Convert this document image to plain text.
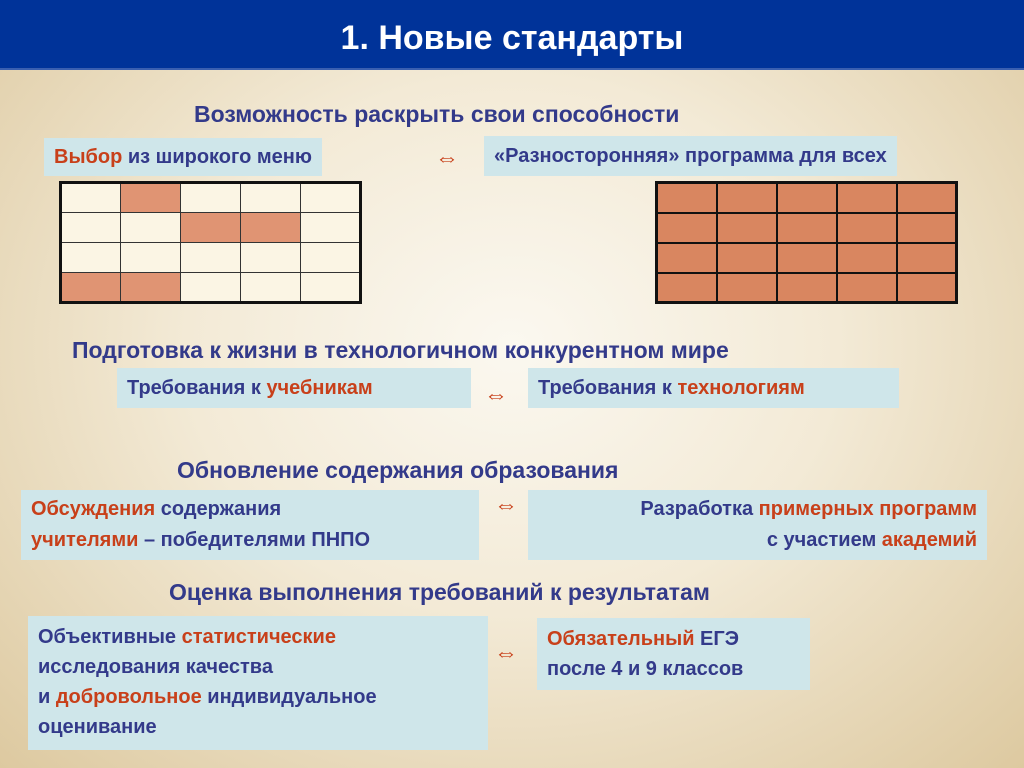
1. Новые стандарты
Возможность раскрыть свои способности
Выбор из широкого меню	⇔	«Разносторонняя» программа для всех

Подготовка к жизни в технологичном конкурентном мире
Требования к учебникам	⇔	Требования к технологиям
Обновление содержания образования
Обсуждения содержания
учителями – победителями ПНПО
⇔	Разработка примерных программ
с участием академий
Оценка выполнения требований к результатам
Объективные статистические
исследования качества
и добровольное индивидуальное
оценивание
⇔
Обязательный ЕГЭ
после 4 и 9 классов
